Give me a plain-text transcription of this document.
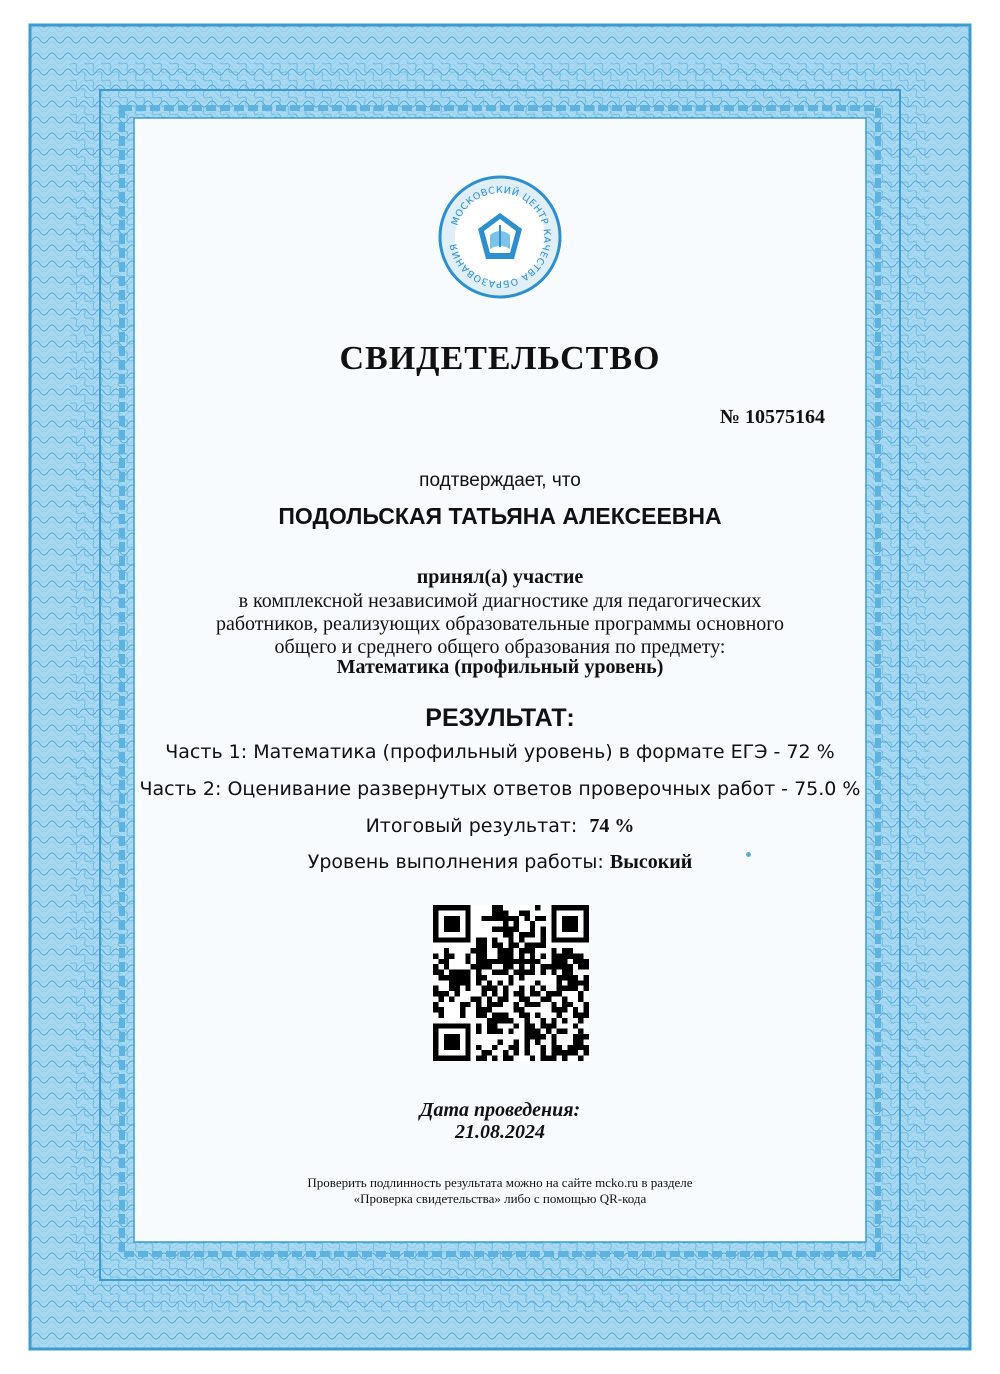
МОСКОВСКИЙ ЦЕНТР КАЧЕСТВА ОБРАЗОВАНИЯ
СВИДЕТЕЛЬСТВО
№ 10575164
подтверждает, что
ПОДОЛЬСКАЯ ТАТЬЯНА АЛЕКСЕЕВНА
принял(а) участие
в комплексной независимой диагностике для педагогических
работников, реализующих образовательные программы основного
общего и среднего общего образования по предмету:
Математика (профильный уровень)
РЕЗУЛЬТАТ:
Часть 1: Математика (профильный уровень) в формате ЕГЭ - 72 %
Часть 2: Оценивание развернутых ответов проверочных работ - 75.0 %
Итоговый результат: 74 %
Уровень выполнения работы: Высокий
Дата проведения:
21.08.2024
Проверить подлинность результата можно на сайте mcko.ru в разделе
«Проверка свидетельства» либо с помощью QR-кода
